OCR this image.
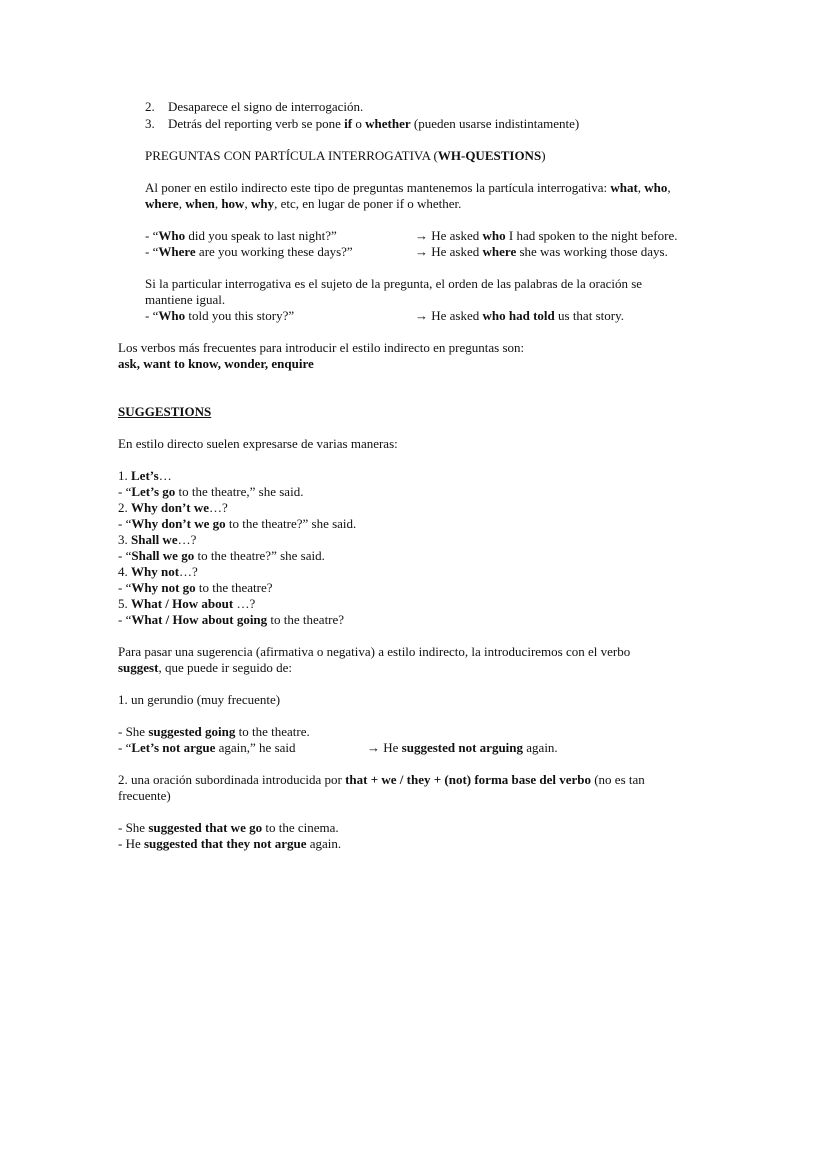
2. Desaparece el signo de interrogación.
3. Detrás del reporting verb se pone if o whether (pueden usarse indistintamente)
PREGUNTAS CON PARTÍCULA INTERROGATIVA (WH-QUESTIONS)
Al poner en estilo indirecto este tipo de preguntas mantenemos la partícula interrogativa: what, who,
where, when, how, why, etc, en lugar de poner if o whether.
- “Who did you speak to last night?”	→ He asked who I had spoken to the night before.
- “Where are you working these days?”	→ He asked where she was working those days.
Si la particular interrogativa es el sujeto de la pregunta, el orden de las palabras de la oración se
mantiene igual.
- “Who told you this story?”	→ He asked who had told us that story.
Los verbos más frecuentes para introducir el estilo indirecto en preguntas son:
ask, want to know, wonder, enquire
SUGGESTIONS
En estilo directo suelen expresarse de varias maneras:
1. Let’s…
- “Let’s go to the theatre,” she said.
2. Why don’t we…?
- “Why don’t we go to the theatre?” she said.
3. Shall we…?
- “Shall we go to the theatre?” she said.
4. Why not…?
- “Why not go to the theatre?
5. What / How about …?
- “What / How about going to the theatre?
Para pasar una sugerencia (afirmativa o negativa) a estilo indirecto, la introduciremos con el verbo
suggest, que puede ir seguido de:
1. un gerundio (muy frecuente)
- She suggested going to the theatre.
- “Let’s not argue again,” he said	→ He suggested not arguing again.
2. una oración subordinada introducida por that + we / they + (not) forma base del verbo (no es tan
frecuente)
- She suggested that we go to the cinema.
- He suggested that they not argue again.
